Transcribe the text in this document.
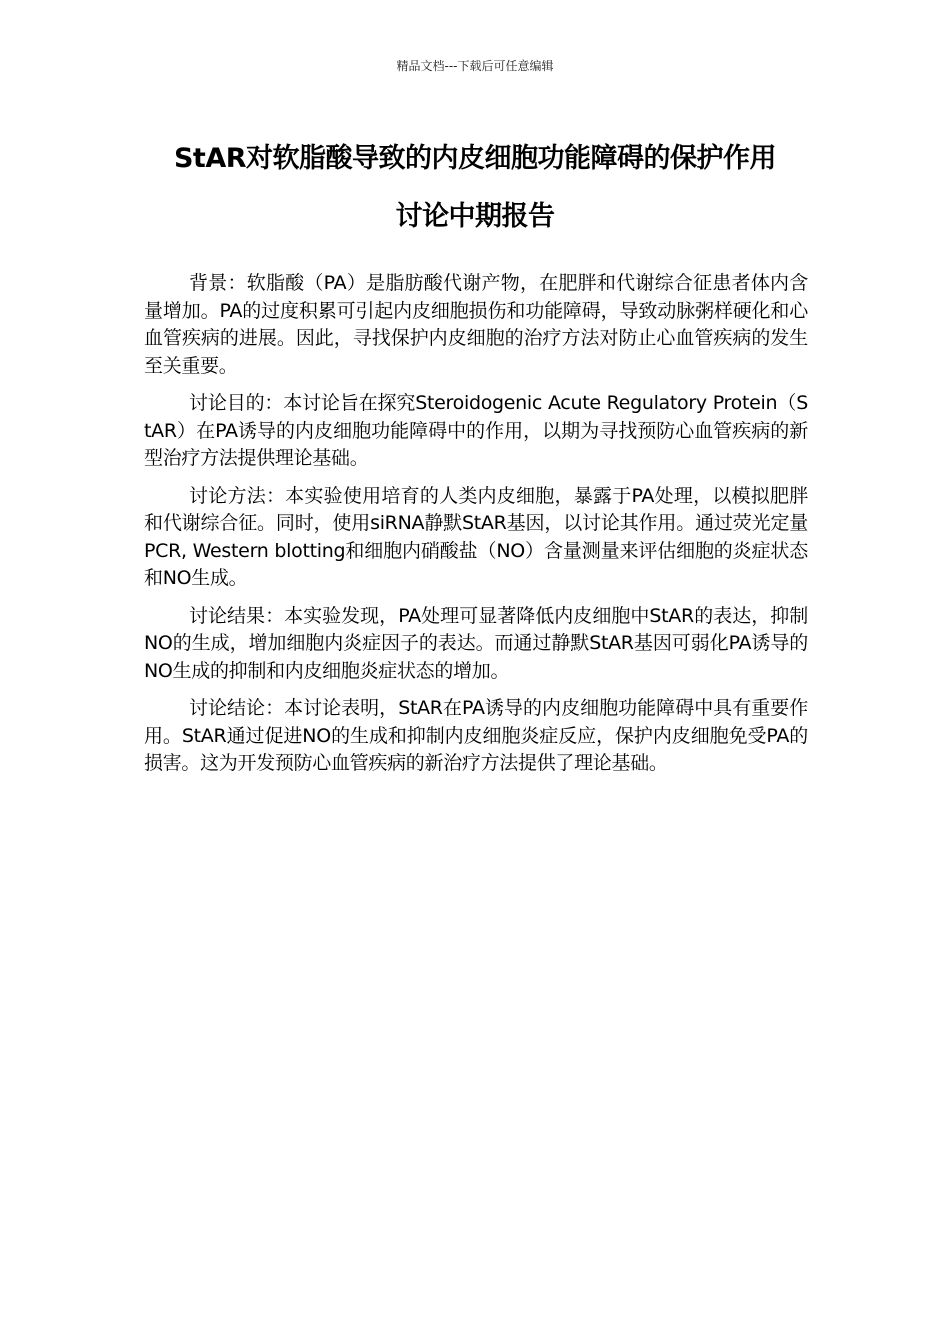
精品文档---下载后可任意编辑
StAR对软脂酸导致的内皮细胞功能障碍的保护作用
讨论中期报告

背景：软脂酸（PA）是脂肪酸代谢产物，在肥胖和代谢综合征患者体内含量增加。PA的过度积累可引起内皮细胞损伤和功能障碍，导致动脉粥样硬化和心血管疾病的进展。因此，寻找保护内皮细胞的治疗方法对防止心血管疾病的发生至关重要。

讨论目的：本讨论旨在探究Steroidogenic Acute Regulatory Protein（StAR）在PA诱导的内皮细胞功能障碍中的作用，以期为寻找预防心血管疾病的新型治疗方法提供理论基础。

讨论方法：本实验使用培育的人类内皮细胞，暴露于PA处理，以模拟肥胖和代谢综合征。同时，使用siRNA静默StAR基因，以讨论其作用。通过荧光定量PCR, Western blotting和细胞内硝酸盐（NO）含量测量来评估细胞的炎症状态和NO生成。

讨论结果：本实验发现，PA处理可显著降低内皮细胞中StAR的表达，抑制NO的生成，增加细胞内炎症因子的表达。而通过静默StAR基因可弱化PA诱导的NO生成的抑制和内皮细胞炎症状态的增加。

讨论结论：本讨论表明，StAR在PA诱导的内皮细胞功能障碍中具有重要作用。StAR通过促进NO的生成和抑制内皮细胞炎症反应，保护内皮细胞免受PA的损害。这为开发预防心血管疾病的新治疗方法提供了理论基础。
